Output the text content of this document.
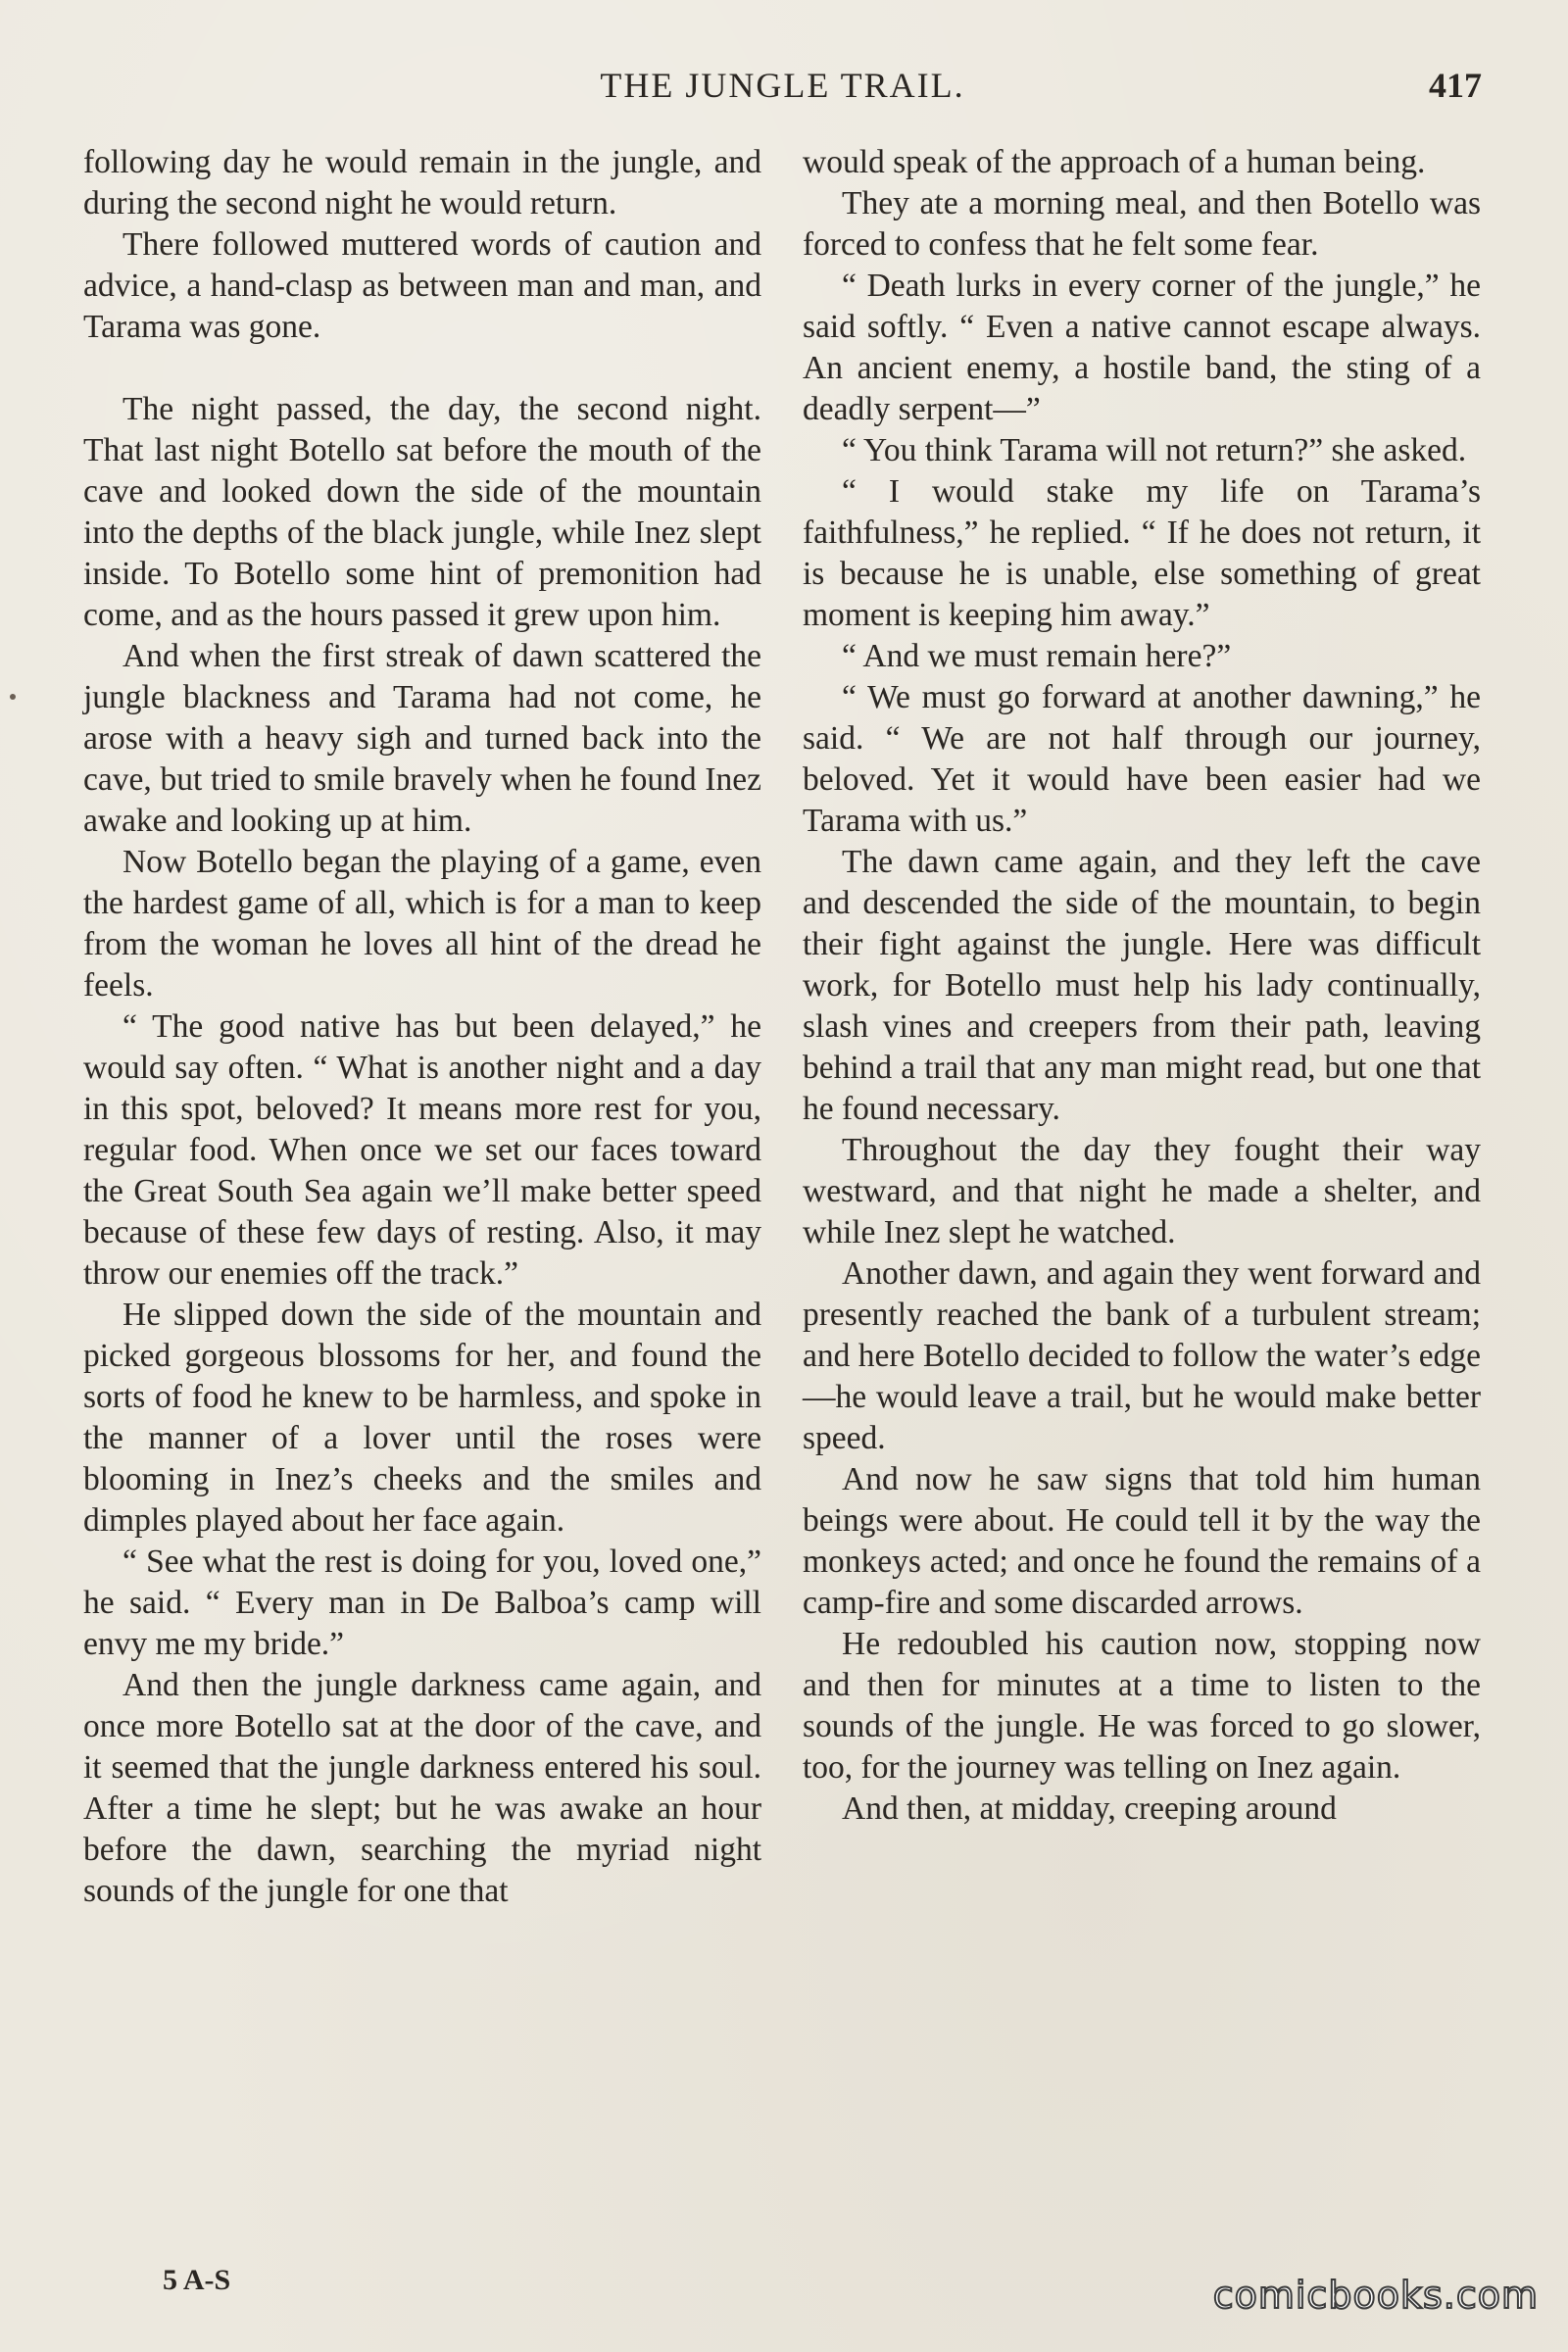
THE JUNGLE TRAIL.	417

following day he would remain in the jungle, and during the second night he would return.

There followed muttered words of caution and advice, a hand-clasp as between man and man, and Tarama was gone.

The night passed, the day, the second night. That last night Botello sat before the mouth of the cave and looked down the side of the mountain into the depths of the black jungle, while Inez slept inside. To Botello some hint of premonition had come, and as the hours passed it grew upon him.

And when the first streak of dawn scattered the jungle blackness and Tarama had not come, he arose with a heavy sigh and turned back into the cave, but tried to smile bravely when he found Inez awake and looking up at him.

Now Botello began the playing of a game, even the hardest game of all, which is for a man to keep from the woman he loves all hint of the dread he feels.

“ The good native has but been delayed,” he would say often. “ What is another night and a day in this spot, beloved? It means more rest for you, regular food. When once we set our faces toward the Great South Sea again we’ll make better speed because of these few days of resting. Also, it may throw our enemies off the track.”

He slipped down the side of the mountain and picked gorgeous blossoms for her, and found the sorts of food he knew to be harmless, and spoke in the manner of a lover until the roses were blooming in Inez’s cheeks and the smiles and dimples played about her face again.

“ See what the rest is doing for you, loved one,” he said. “ Every man in De Balboa’s camp will envy me my bride.”

And then the jungle darkness came again, and once more Botello sat at the door of the cave, and it seemed that the jungle darkness entered his soul. After a time he slept; but he was awake an hour before the dawn, searching the myriad night sounds of the jungle for one that

would speak of the approach of a human being.

They ate a morning meal, and then Botello was forced to confess that he felt some fear.

“ Death lurks in every corner of the jungle,” he said softly. “ Even a native cannot escape always. An ancient enemy, a hostile band, the sting of a deadly serpent—”

“ You think Tarama will not return?” she asked.

“ I would stake my life on Tarama’s faithfulness,” he replied. “ If he does not return, it is because he is unable, else something of great moment is keeping him away.”

“ And we must remain here?”

“ We must go forward at another dawning,” he said. “ We are not half through our journey, beloved. Yet it would have been easier had we Tarama with us.”

The dawn came again, and they left the cave and descended the side of the mountain, to begin their fight against the jungle. Here was difficult work, for Botello must help his lady continually, slash vines and creepers from their path, leaving behind a trail that any man might read, but one that he found necessary.

Throughout the day they fought their way westward, and that night he made a shelter, and while Inez slept he watched.

Another dawn, and again they went forward and presently reached the bank of a turbulent stream; and here Botello decided to follow the water’s edge—he would leave a trail, but he would make better speed.

And now he saw signs that told him human beings were about. He could tell it by the way the monkeys acted; and once he found the remains of a camp-fire and some discarded arrows.

He redoubled his caution now, stopping now and then for minutes at a time to listen to the sounds of the jungle. He was forced to go slower, too, for the journey was telling on Inez again.

And then, at midday, creeping around

5 A-S	comicbooks.com
